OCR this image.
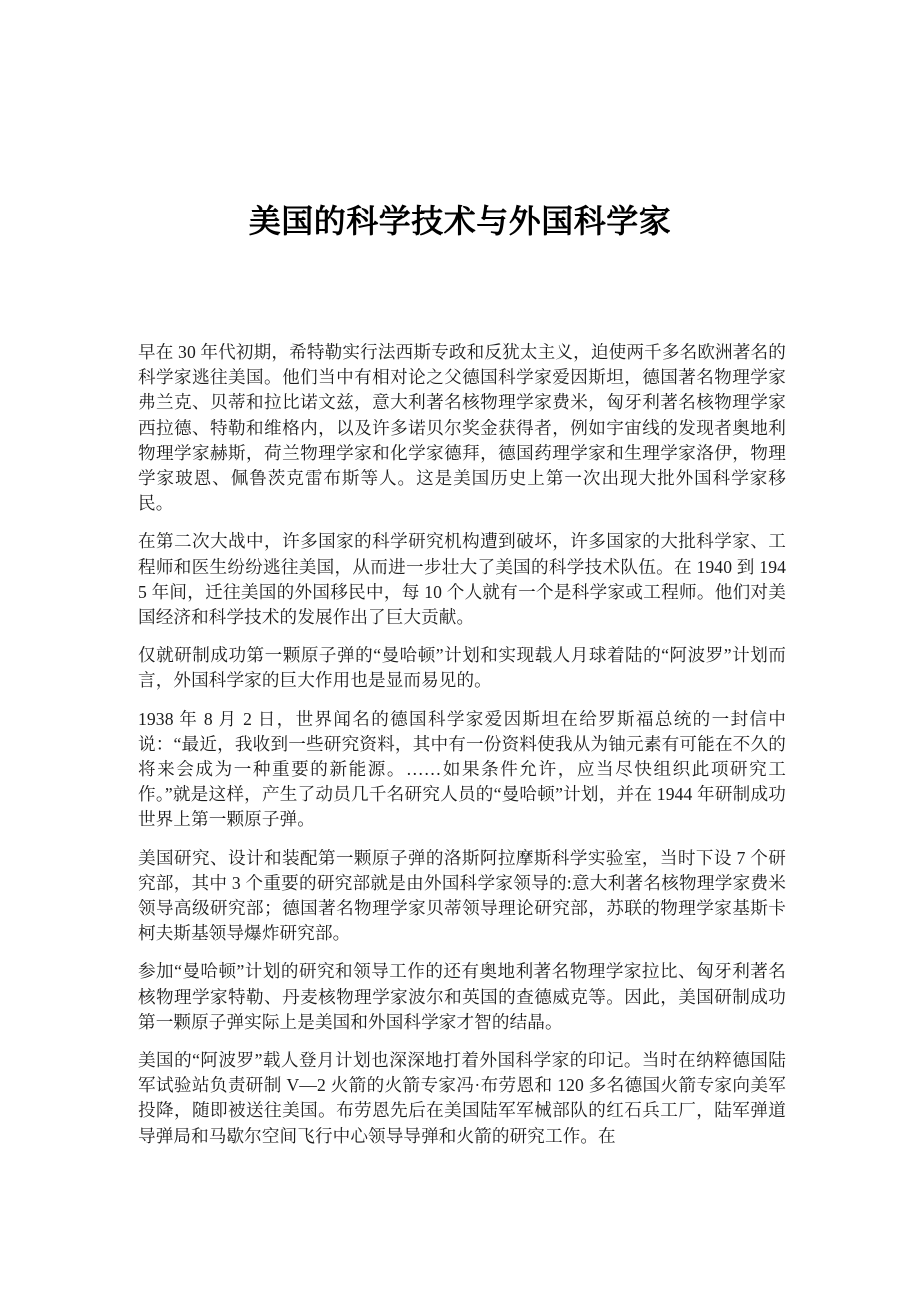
美国的科学技术与外国科学家

早在 30 年代初期，希特勒实行法西斯专政和反犹太主义，迫使两千多名欧洲著名的科学家逃往美国。他们当中有相对论之父德国科学家爱因斯坦，德国著名物理学家弗兰克、贝蒂和拉比诺文兹，意大利著名核物理学家费米，匈牙利著名核物理学家西拉德、特勒和维格内，以及许多诺贝尔奖金获得者，例如宇宙线的发现者奥地利物理学家赫斯，荷兰物理学家和化学家德拜，德国药理学家和生理学家洛伊，物理学家玻恩、佩鲁茨克雷布斯等人。这是美国历史上第一次出现大批外国科学家移民。

在第二次大战中，许多国家的科学研究机构遭到破坏，许多国家的大批科学家、工程师和医生纷纷逃往美国，从而进一步壮大了美国的科学技术队伍。在 1940 到 1945 年间，迁往美国的外国移民中，每 10 个人就有一个是科学家或工程师。他们对美国经济和科学技术的发展作出了巨大贡献。

仅就研制成功第一颗原子弹的“曼哈顿”计划和实现载人月球着陆的“阿波罗”计划而言，外国科学家的巨大作用也是显而易见的。

1938 年 8 月 2 日，世界闻名的德国科学家爱因斯坦在给罗斯福总统的一封信中说：“最近，我收到一些研究资料，其中有一份资料使我从为铀元素有可能在不久的将来会成为一种重要的新能源。……如果条件允许，应当尽快组织此项研究工作。”就是这样，产生了动员几千名研究人员的“曼哈顿”计划，并在 1944 年研制成功世界上第一颗原子弹。

美国研究、设计和装配第一颗原子弹的洛斯阿拉摩斯科学实验室，当时下设 7 个研究部，其中 3 个重要的研究部就是由外国科学家领导的:意大利著名核物理学家费米领导高级研究部；德国著名物理学家贝蒂领导理论研究部，苏联的物理学家基斯卡柯夫斯基领导爆炸研究部。

参加“曼哈顿”计划的研究和领导工作的还有奥地利著名物理学家拉比、匈牙利著名核物理学家特勒、丹麦核物理学家波尔和英国的查德威克等。因此，美国研制成功第一颗原子弹实际上是美国和外国科学家才智的结晶。

美国的“阿波罗”载人登月计划也深深地打着外国科学家的印记。当时在纳粹德国陆军试验站负责研制 V—2 火箭的火箭专家冯·布劳恩和 120 多名德国火箭专家向美军投降，随即被送往美国。布劳恩先后在美国陆军军械部队的红石兵工厂，陆军弹道导弹局和马歇尔空间飞行中心领导导弹和火箭的研究工作。在
